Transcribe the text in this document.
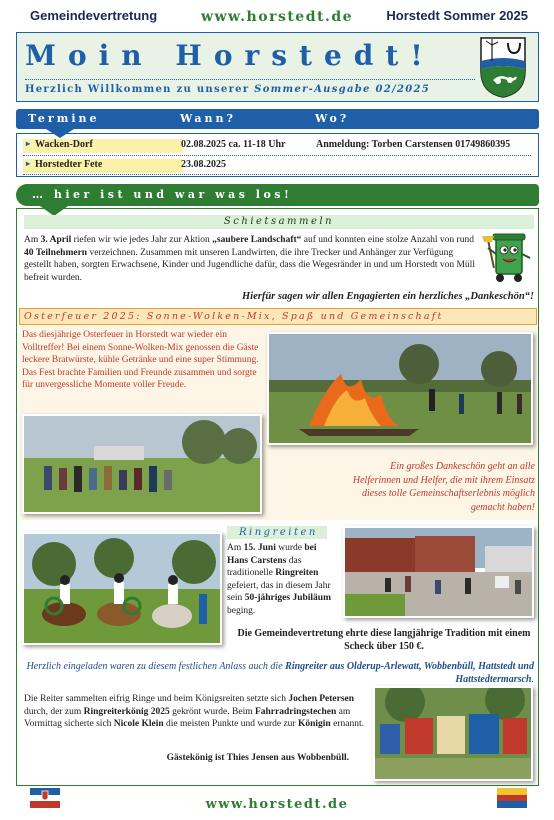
Gemeindevertretung	www.horstedt.de	Horstedt Sommer 2025
Moin Horstedt!
Herzlich Willkommen zu unserer Sommer-Ausgabe 02/2025
Termine	Wann?	Wo?
▸ Wacken-Dorf	02.08.2025 ca. 11-18 Uhr	Anmeldung: Torben Carstensen 01749860395
▸ Horstedter Fete	23.08.2025
… hier ist und war was los!
Schietsammeln
Am 3. April riefen wir wie jedes Jahr zur Aktion „saubere Landschaft“ auf und konnten eine stolze Anzahl von rund 40 Teilnehmern verzeichnen. Zusammen mit unseren Landwirten, die ihre Trecker und Anhänger zur Verfügung gestellt haben, sorgten Erwachsene, Kinder und Jugendliche dafür, dass die Wegesränder in und um Horstedt von Müll befreit wurden.
Hierfür sagen wir allen Engagierten ein herzliches „Dankeschön“!
Osterfeuer 2025: Sonne-Wolken-Mix, Spaß und Gemeinschaft
Das diesjährige Osterfeuer in Horstedt war wieder ein Volltreffer! Bei einem Sonne-Wolken-Mix genossen die Gäste leckere Bratwürste, kühle Getränke und eine super Stimmung. Das Fest brachte Familien und Freunde zusammen und sorgte für unvergessliche Momente voller Freude.
Ein großes Dankeschön geht an alle Helferinnen und Helfer, die mit ihrem Einsatz dieses tolle Gemeinschaftserlebnis möglich gemacht haben!
Ringreiten
Am 15. Juni wurde bei Hans Carstens das traditionelle Ringreiten gefeiert, das in diesem Jahr sein 50-jähriges Jubiläum beging.
Die Gemeindevertretung ehrte diese langjährige Tradition mit einem Scheck über 150 €.
Herzlich eingeladen waren zu diesem festlichen Anlass auch die Ringreiter aus Olderup-Arlewatt, Wobbenbüll, Hattstedt und Hattstedtermarsch.
Die Reiter sammelten eifrig Ringe und beim Königsreiten setzte sich Jochen Petersen durch, der zum Ringreiterkönig 2025 gekrönt wurde. Beim Fahrradringstechen am Vormittag sicherte sich Nicole Klein die meisten Punkte und wurde zur Königin ernannt.
Gästekönig ist Thies Jensen aus Wobbenbüll.
www.horstedt.de
